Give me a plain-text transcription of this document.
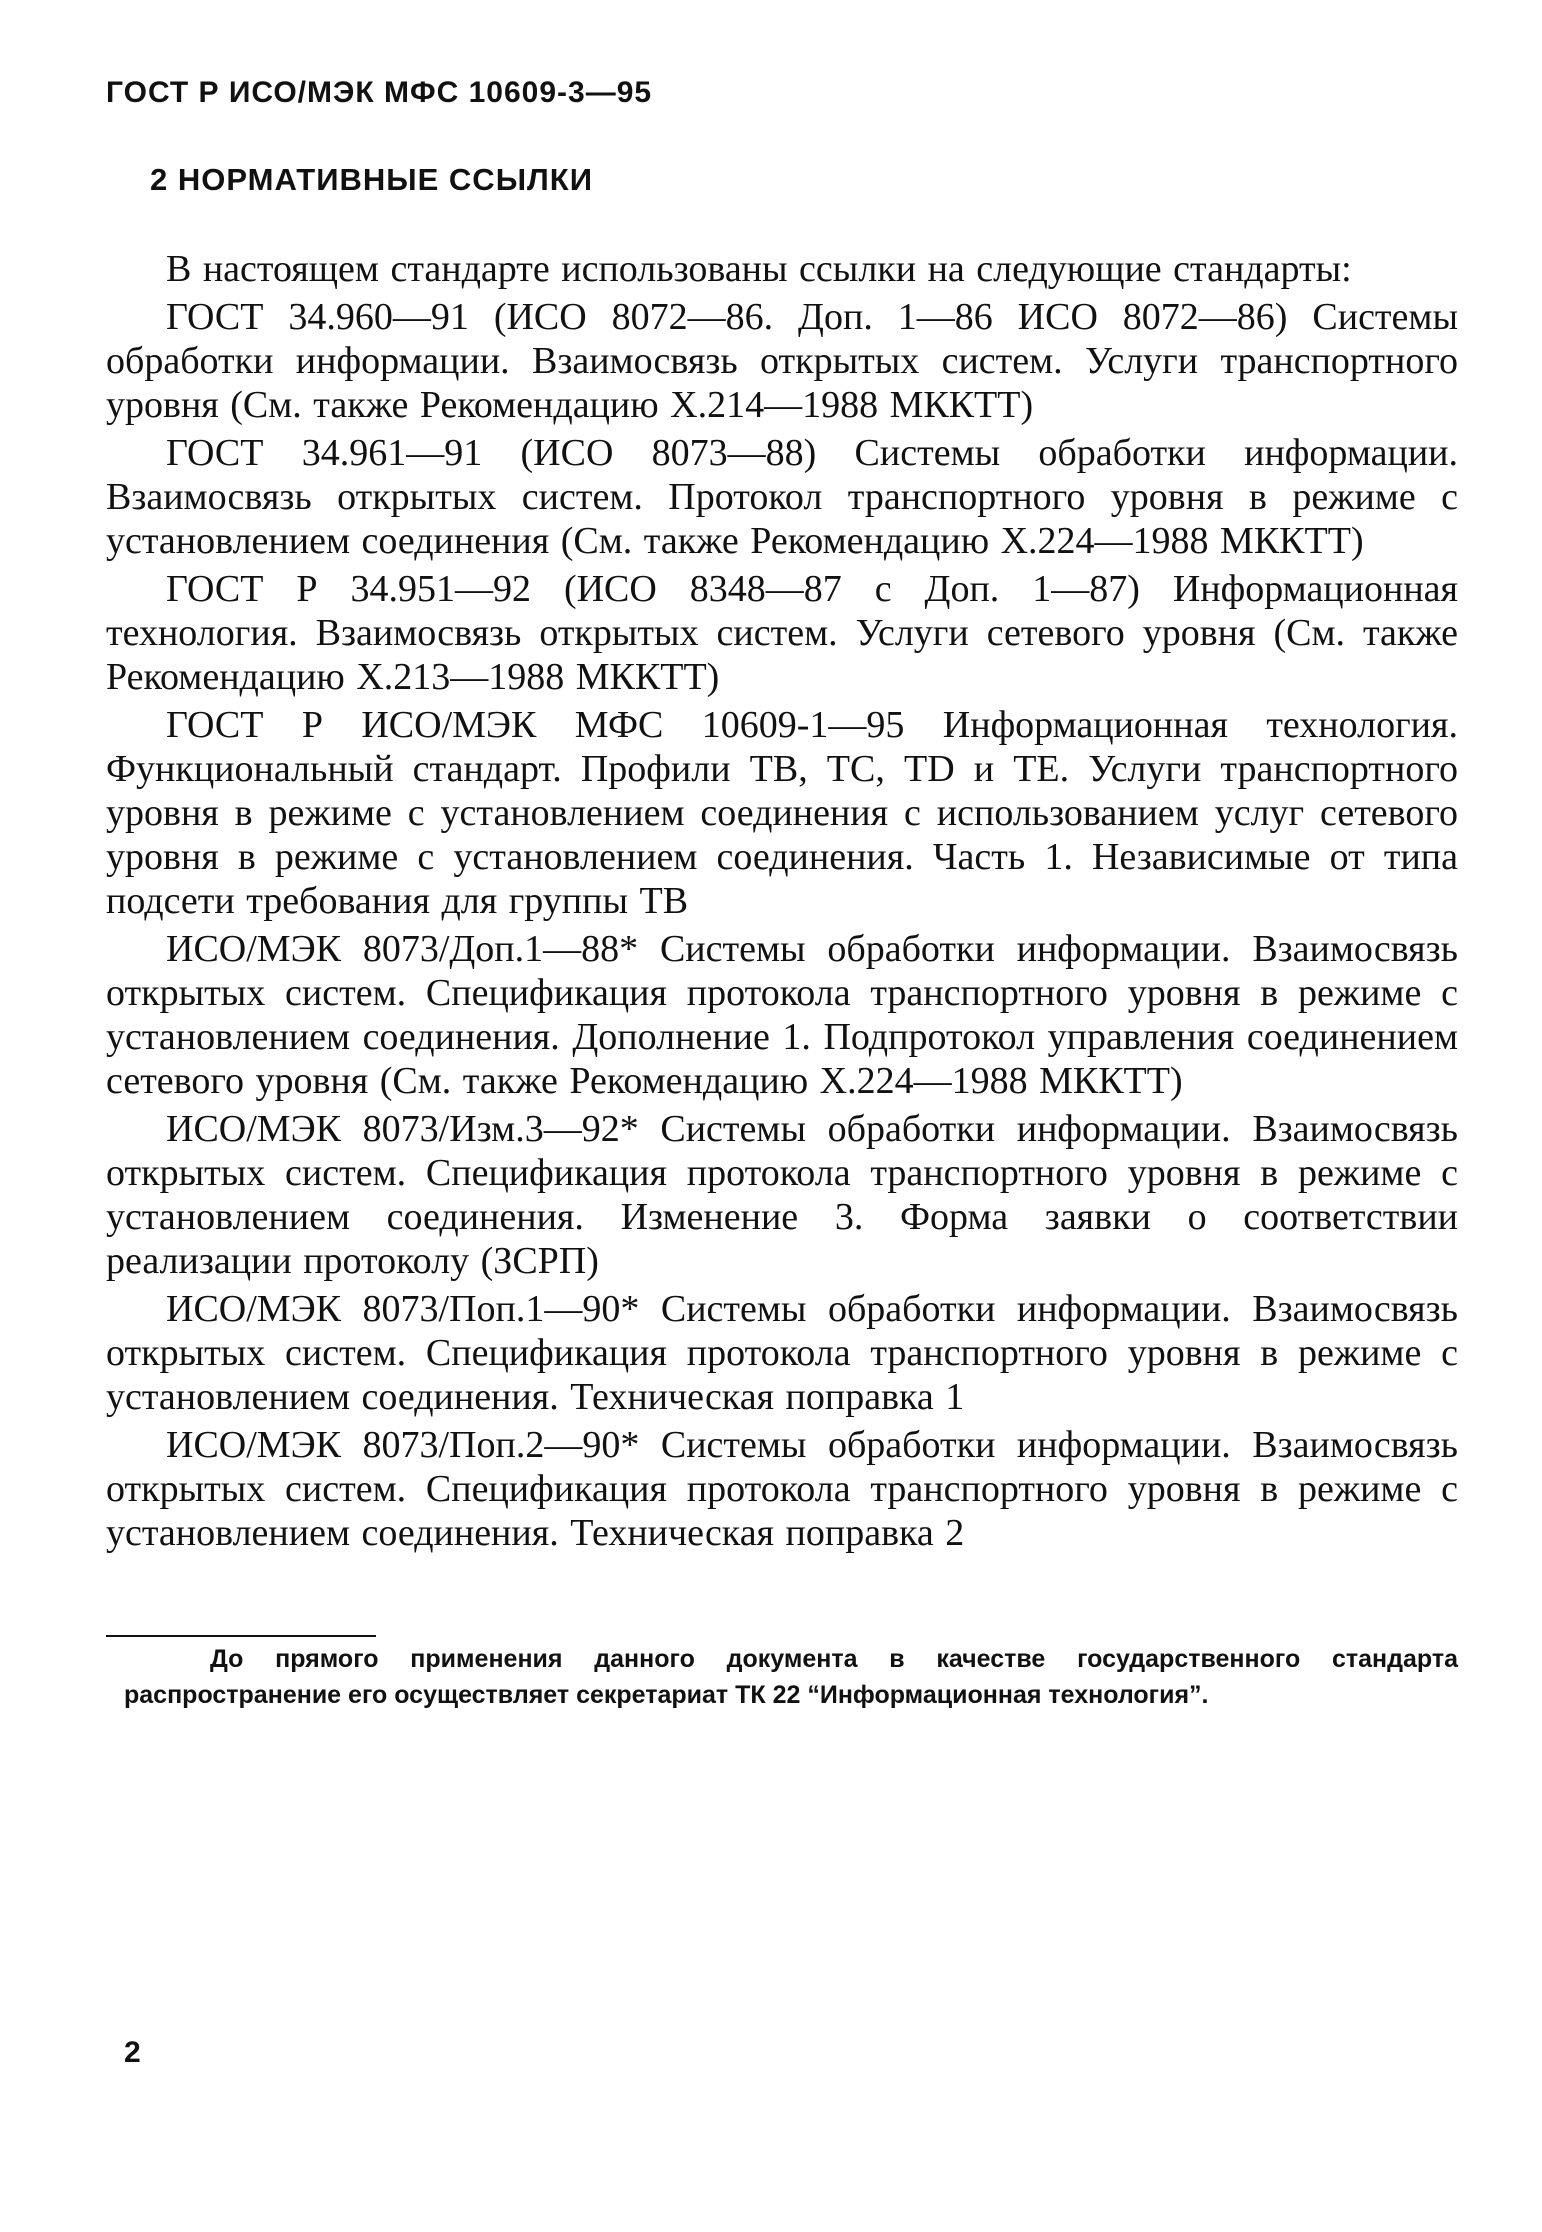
ГОСТ Р ИСО/МЭК МФС 10609-3—95
2 НОРМАТИВНЫЕ ССЫЛКИ

В настоящем стандарте использованы ссылки на следующие стандарты:

ГОСТ 34.960—91 (ИСО 8072—86. Доп. 1—86 ИСО 8072—86) Системы обработки информации. Взаимосвязь открытых систем. Услуги транспортного уровня (См. также Рекомендацию X.214—1988 МККТТ)

ГОСТ 34.961—91 (ИСО 8073—88) Системы обработки информации. Взаимосвязь открытых систем. Протокол транспортного уровня в режиме с установлением соединения (См. также Рекомендацию X.224—1988 МККТТ)

ГОСТ Р 34.951—92 (ИСО 8348—87 с Доп. 1—87) Информационная технология. Взаимосвязь открытых систем. Услуги сетевого уровня (См. также Рекомендацию X.213—1988 МККТТ)

ГОСТ Р ИСО/МЭК МФС 10609-1—95 Информационная технология. Функциональный стандарт. Профили ТВ, ТС, TD и ТЕ. Услуги транспортного уровня в режиме с установлением соединения с использованием услуг сетевого уровня в режиме с установлением соединения. Часть 1. Независимые от типа подсети требования для группы ТВ

ИСО/МЭК 8073/Доп.1—88* Системы обработки информации. Взаимосвязь открытых систем. Спецификация протокола транспортного уровня в режиме с установлением соединения. Дополнение 1. Подпротокол управления соединением сетевого уровня (См. также Рекомендацию X.224—1988 МККТТ)

ИСО/МЭК 8073/Изм.3—92* Системы обработки информации. Взаимосвязь открытых систем. Спецификация протокола транспортного уровня в режиме с установлением соединения. Изменение 3. Форма заявки о соответствии реализации протоколу (ЗСРП)

ИСО/МЭК 8073/Поп.1—90* Системы обработки информации. Взаимосвязь открытых систем. Спецификация протокола транспортного уровня в режиме с установлением соединения. Техническая поправка 1

ИСО/МЭК 8073/Поп.2—90* Системы обработки информации. Взаимосвязь открытых систем. Спецификация протокола транспортного уровня в режиме с установлением соединения. Техническая поправка 2

До прямого применения данного документа в качестве государственного стандарта распространение его осуществляет секретариат ТК 22 “Информационная технология”.

2
